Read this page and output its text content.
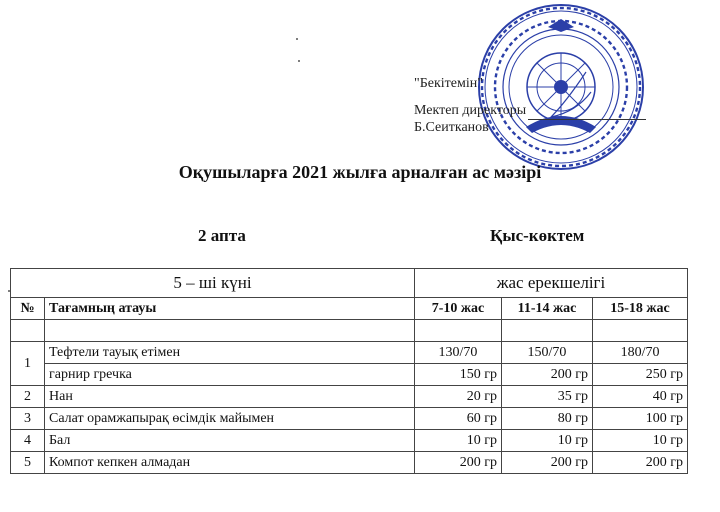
"Бекітемін"
Мектеп директоры Б.Сеитканов
Оқушыларға 2021 жылға арналған ас мәзірі
2 апта	Қыс-көктем
5 – ші күні		жас ерекшелігі		
№	Тағамның атауы	7-10 жас	11-14 жас	15-18 жас

1	Тефтели тауық етімен	130/70	150/70	180/70
	гарнир гречка	150 гр	200 гр	250 гр
2	Нан	20 гр	35 гр	40 гр
3	Салат орамжапырақ өсімдік майымен	60 гр	80 гр	100 гр
4	Бал	10 гр	10 гр	10 гр
5	Компот кепкен алмадан	200 гр	200 гр	200 гр
